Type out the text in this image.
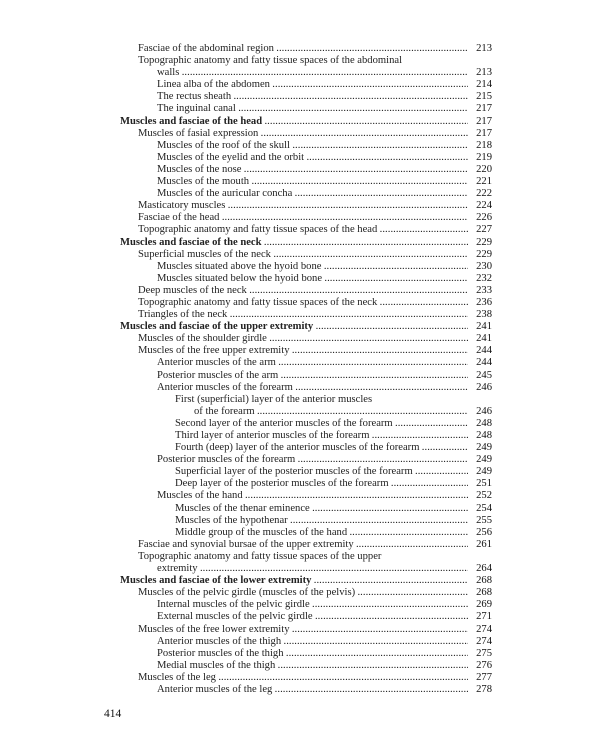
Fasciae of the abdominal region . . .	213
Topographic anatomy and fatty tissue spaces of the abdominal
walls . . .	213
Linea alba of the abdomen . . .	214
The rectus sheath . . .	215
The inguinal canal . . .	217
Muscles and fasciae of the head . . .	217
Muscles of fasial expression . . .	217
Muscles of the roof of the skull . . .	218
Muscles of the eyelid and the orbit . . .	219
Muscles of the nose . . .	220
Muscles of the mouth . . .	221
Muscles of the auricular concha . . .	222
Masticatory muscles . . .	224
Fasciae of the head . . .	226
Topographic anatomy and fatty tissue spaces of the head . . .	227
Muscles and fasciae of the neck . . .	229
Superficial muscles of the neck . . .	229
Muscles situated above the hyoid bone . . .	230
Muscles situated below the hyoid bone . . .	232
Deep muscles of the neck . . .	233
Topographic anatomy and fatty tissue spaces of the neck . . .	236
Triangles of the neck . . .	238
Muscles and fasciae of the upper extremity . . .	241
Muscles of the shoulder girdle . . .	241
Muscles of the free upper extremity . . .	244
Anterior muscles of the arm . . .	244
Posterior muscles of the arm . . .	245
Anterior muscles of the forearm . . .	246
First (superficial) layer of the anterior muscles
of the forearm . . .	246
Second layer of the anterior muscles of the forearm . . .	248
Third layer of anterior muscles of the forearm . . .	248
Fourth (deep) layer of the anterior muscles of the forearm . . .	249
Posterior muscles of the forearm . . .	249
Superficial layer of the posterior muscles of the forearm . . .	249
Deep layer of the posterior muscles of the forearm . . .	251
Muscles of the hand . . .	252
Muscles of the thenar eminence . . .	254
Muscles of the hypothenar . . .	255
Middle group of the muscles of the hand . . .	256
Fasciae and synovial bursae of the upper extremity . . .	261
Topographic anatomy and fatty tissue spaces of the upper
extremity . . .	264
Muscles and fasciae of the lower extremity . . .	268
Muscles of the pelvic girdle (muscles of the pelvis) . . .	268
Internal muscles of the pelvic girdle . . .	269
External muscles of the pelvic girdle . . .	271
Muscles of the free lower extremity . . .	274
Anterior muscles of the thigh . . .	274
Posterior muscles of the thigh . . .	275
Medial muscles of the thigh . . .	276
Muscles of the leg . . .	277
Anterior muscles of the leg . . .	278
414
